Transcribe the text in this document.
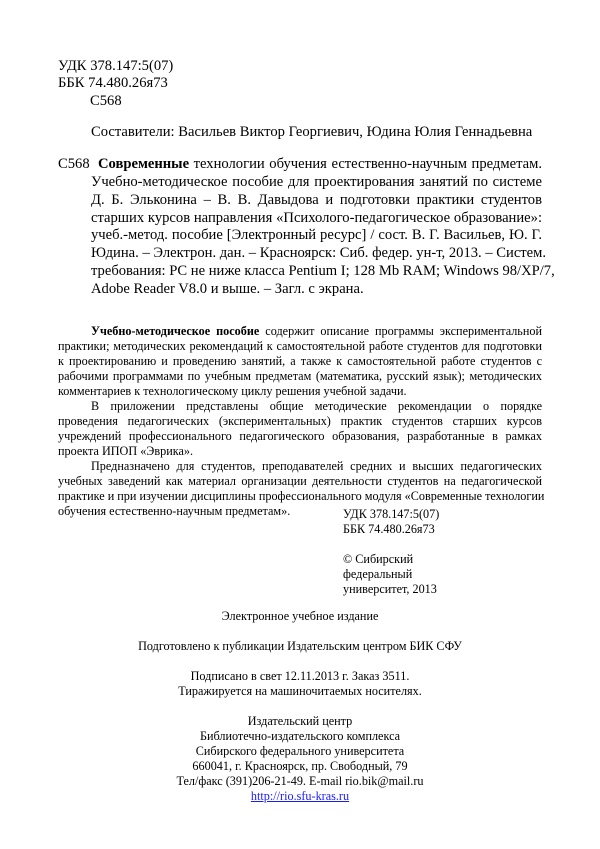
УДК 378.147:5(07)
ББК 74.480.26я73
С568
Составители: Васильев Виктор Георгиевич, Юдина Юлия Геннадьевна
С568 Современные технологии обучения естественно-научным предметам.
Учебно-методическое пособие для проектирования занятий по системе
Д. Б. Эльконина – В. В. Давыдова и подготовки практики студентов
старших курсов направления «Психолого-педагогическое образование»:
учеб.-метод. пособие [Электронный ресурс] / сост. В. Г. Васильев, Ю. Г.
Юдина. – Электрон. дан. – Красноярск: Сиб. федер. ун-т, 2013. – Систем.
требования: PC не ниже класса Pentium I; 128 Mb RAM; Windows 98/XP/7,
Adobe Reader V8.0 и выше. – Загл. с экрана.
Учебно-методическое пособие содержит описание программы экспериментальной
практики; методических рекомендаций к самостоятельной работе студентов для подготовки
к проектированию и проведению занятий, а также к самостоятельной работе студентов с
рабочими программами по учебным предметам (математика, русский язык); методических
комментариев к технологическому циклу решения учебной задачи.
В приложении представлены общие методические рекомендации о порядке
проведения педагогических (экспериментальных) практик студентов старших курсов
учреждений профессионального педагогического образования, разработанные в рамках
проекта ИПОП «Эврика».
Предназначено для студентов, преподавателей средних и высших педагогических
учебных заведений как материал организации деятельности студентов на педагогической
практике и при изучении дисциплины профессионального модуля «Современные технологии
обучения естественно-научным предметам».	УДК 378.147:5(07)
ББК 74.480.26я73
© Сибирский
федеральный
университет, 2013
Электронное учебное издание
Подготовлено к публикации Издательским центром БИК СФУ
Подписано в свет 12.11.2013 г. Заказ 3511.
Тиражируется на машиночитаемых носителях.
Издательский центр
Библиотечно-издательского комплекса
Сибирского федерального университета
660041, г. Красноярск, пр. Свободный, 79
Тел/факс (391)206-21-49. E-mail rio.bik@mail.ru
http://rio.sfu-kras.ru
